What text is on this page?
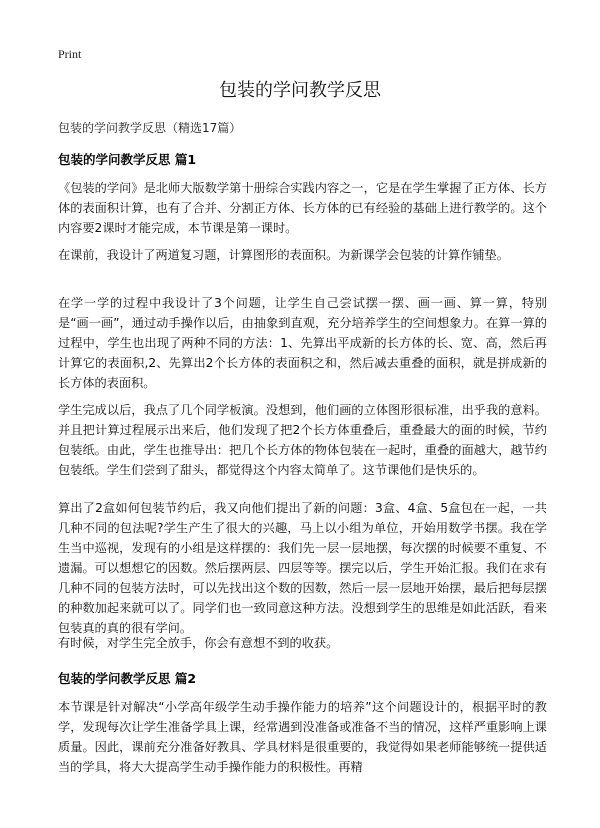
Print
包装的学问教学反思

包装的学问教学反思（精选17篇）

包装的学问教学反思 篇1

《包装的学问》是北师大版数学第十册综合实践内容之一，它是在学生掌握了正方体、长方体的表面积计算，也有了合并、分割正方体、长方体的已有经验的基础上进行教学的。这个内容要2课时才能完成，本节课是第一课时。

在课前，我设计了两道复习题，计算图形的表面积。为新课学会包装的计算作铺垫。

在学一学的过程中我设计了3个问题，让学生自己尝试摆一摆、画一画、算一算，特别是“画一画”，通过动手操作以后，由抽象到直观，充分培养学生的空间想象力。在算一算的过程中，学生也出现了两种不同的方法：1、先算出平成新的长方体的长、宽、高，然后再计算它的表面积,2、先算出2个长方体的表面积之和，然后减去重叠的面积，就是拼成新的长方体的表面积。

学生完成以后，我点了几个同学板演。没想到，他们画的立体图形很标准，出乎我的意料。并且把计算过程展示出来后，他们发现了把2个长方体重叠后，重叠最大的面的时候，节约包装纸。由此，学生也推导出：把几个长方体的物体包装在一起时，重叠的面越大，越节约包装纸。学生们尝到了甜头，都觉得这个内容太简单了。这节课他们是快乐的。

算出了2盒如何包装节约后，我又向他们提出了新的问题：3盒、4盒、5盒包在一起，一共几种不同的包法呢?学生产生了很大的兴趣，马上以小组为单位，开始用数学书摆。我在学生当中巡视，发现有的小组是这样摆的：我们先一层一层地摆，每次摆的时候要不重复、不遗漏。可以想想它的因数。然后摆两层、四层等等。摆完以后，学生开始汇报。我们在求有几种不同的包装方法时，可以先找出这个数的因数，然后一层一层地开始摆，最后把每层摆的种数加起来就可以了。同学们也一致同意这种方法。没想到学生的思维是如此活跃，看来包装真的真的很有学问。

有时候，对学生完全放手，你会有意想不到的收获。

包装的学问教学反思 篇2

本节课是针对解决“小学高年级学生动手操作能力的培养”这个问题设计的，根据平时的教学，发现每次让学生准备学具上课，经常遇到没准备或准备不当的情况，这样严重影响上课质量。因此，课前充分准备好教具、学具材料是很重要的，我觉得如果老师能够统一提供适当的学具，将大大提高学生动手操作能力的积极性。再精
